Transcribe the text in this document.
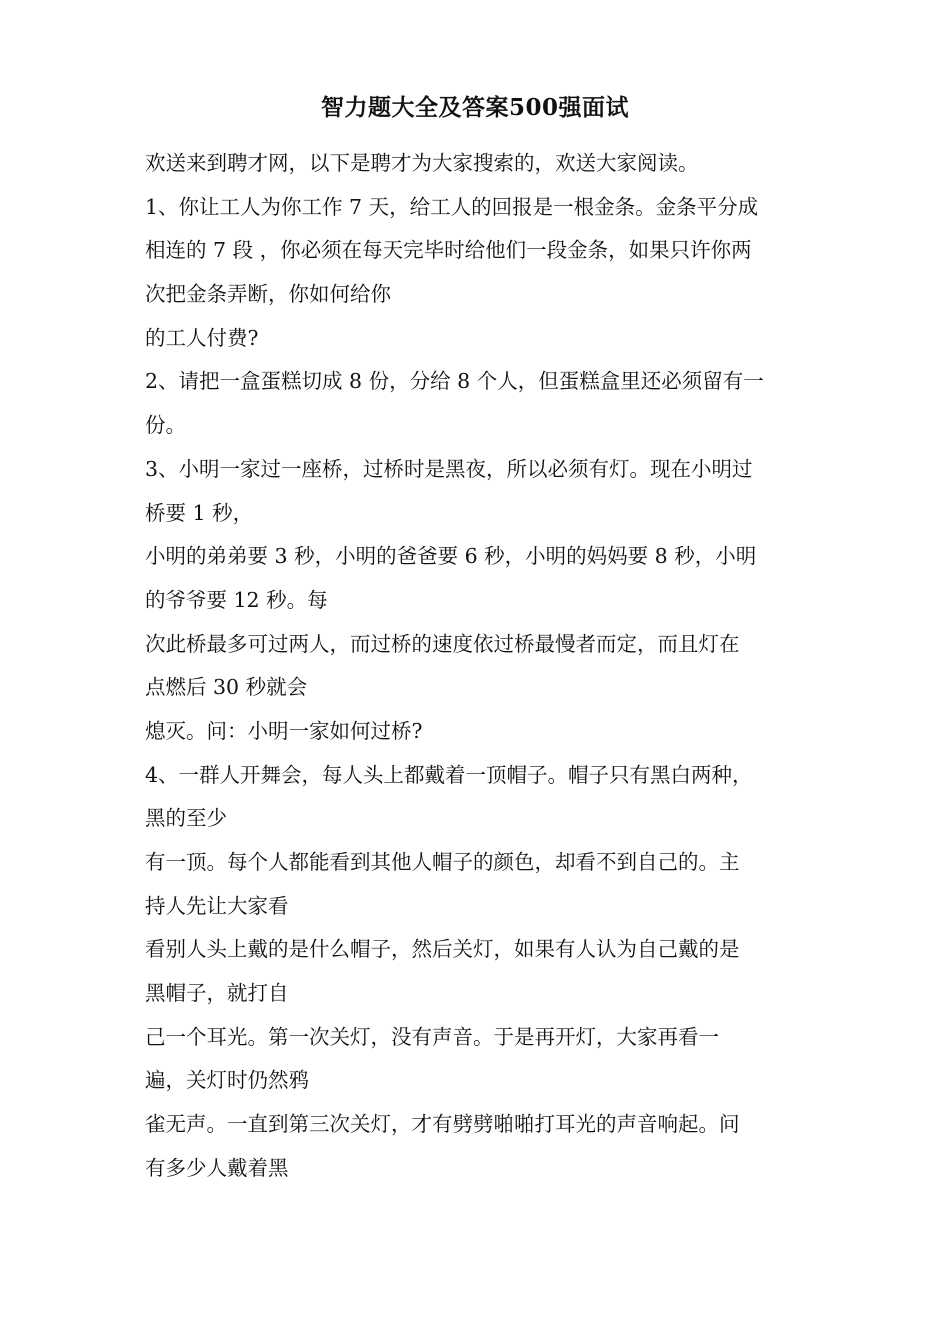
智力题大全及答案500强面试
欢送来到聘才网，以下是聘才为大家搜索的，欢送大家阅读。
1、你让工人为你工作 7 天，给工人的回报是一根金条。金条平分成
相连的 7 段 ，你必须在每天完毕时给他们一段金条，如果只许你两
次把金条弄断，你如何给你
的工人付费?
2、请把一盒蛋糕切成 8 份，分给 8 个人，但蛋糕盒里还必须留有一
份。
3、小明一家过一座桥，过桥时是黑夜，所以必须有灯。现在小明过
桥要 1 秒，
小明的弟弟要 3 秒，小明的爸爸要 6 秒，小明的妈妈要 8 秒，小明
的爷爷要 12 秒。每
次此桥最多可过两人，而过桥的速度依过桥最慢者而定，而且灯在
点燃后 30 秒就会
熄灭。问：小明一家如何过桥?
4、一群人开舞会，每人头上都戴着一顶帽子。帽子只有黑白两种，
黑的至少
有一顶。每个人都能看到其他人帽子的颜色，却看不到自己的。主
持人先让大家看
看别人头上戴的是什么帽子，然后关灯，如果有人认为自己戴的是
黑帽子，就打自
己一个耳光。第一次关灯，没有声音。于是再开灯，大家再看一
遍，关灯时仍然鸦
雀无声。一直到第三次关灯，才有劈劈啪啪打耳光的声音响起。问
有多少人戴着黑
